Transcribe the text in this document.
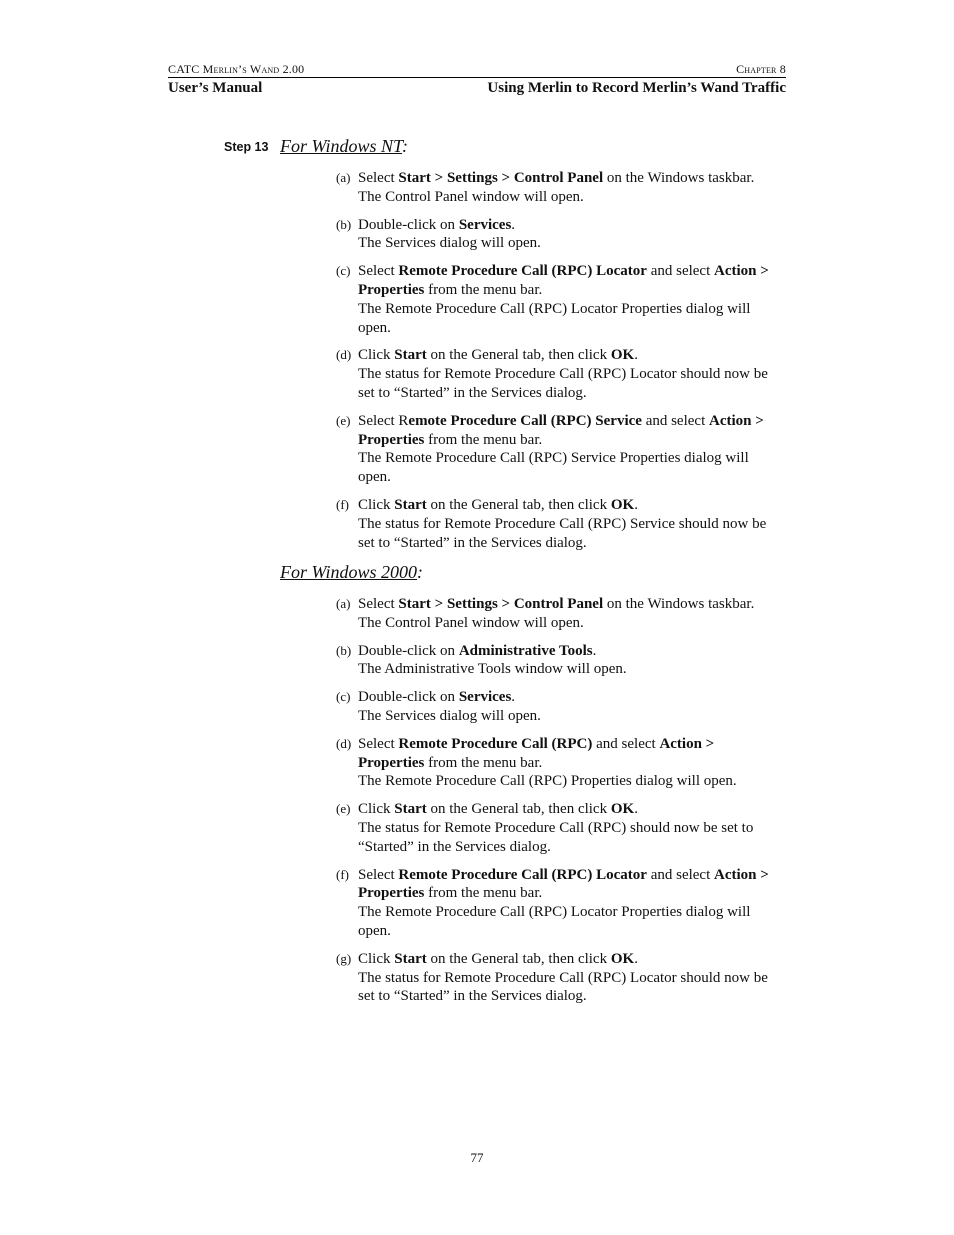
CATC Merlin’s Wand 2.00	Chapter 8
User’s Manual	Using Merlin to Record Merlin’s Wand Traffic
Step 13 For Windows NT:
(a) Select Start > Settings > Control Panel on the Windows taskbar.
The Control Panel window will open.
(b) Double-click on Services.
The Services dialog will open.
(c) Select Remote Procedure Call (RPC) Locator and select Action >
Properties from the menu bar.
The Remote Procedure Call (RPC) Locator Properties dialog will
open.
(d) Click Start on the General tab, then click OK.
The status for Remote Procedure Call (RPC) Locator should now be
set to “Started” in the Services dialog.
(e) Select Remote Procedure Call (RPC) Service and select Action >
Properties from the menu bar.
The Remote Procedure Call (RPC) Service Properties dialog will
open.
(f) Click Start on the General tab, then click OK.
The status for Remote Procedure Call (RPC) Service should now be
set to “Started” in the Services dialog.
For Windows 2000:
(a) Select Start > Settings > Control Panel on the Windows taskbar.
The Control Panel window will open.
(b) Double-click on Administrative Tools.
The Administrative Tools window will open.
(c) Double-click on Services.
The Services dialog will open.
(d) Select Remote Procedure Call (RPC) and select Action >
Properties from the menu bar.
The Remote Procedure Call (RPC) Properties dialog will open.
(e) Click Start on the General tab, then click OK.
The status for Remote Procedure Call (RPC) should now be set to
“Started” in the Services dialog.
(f) Select Remote Procedure Call (RPC) Locator and select Action >
Properties from the menu bar.
The Remote Procedure Call (RPC) Locator Properties dialog will
open.
(g) Click Start on the General tab, then click OK.
The status for Remote Procedure Call (RPC) Locator should now be
set to “Started” in the Services dialog.
77
